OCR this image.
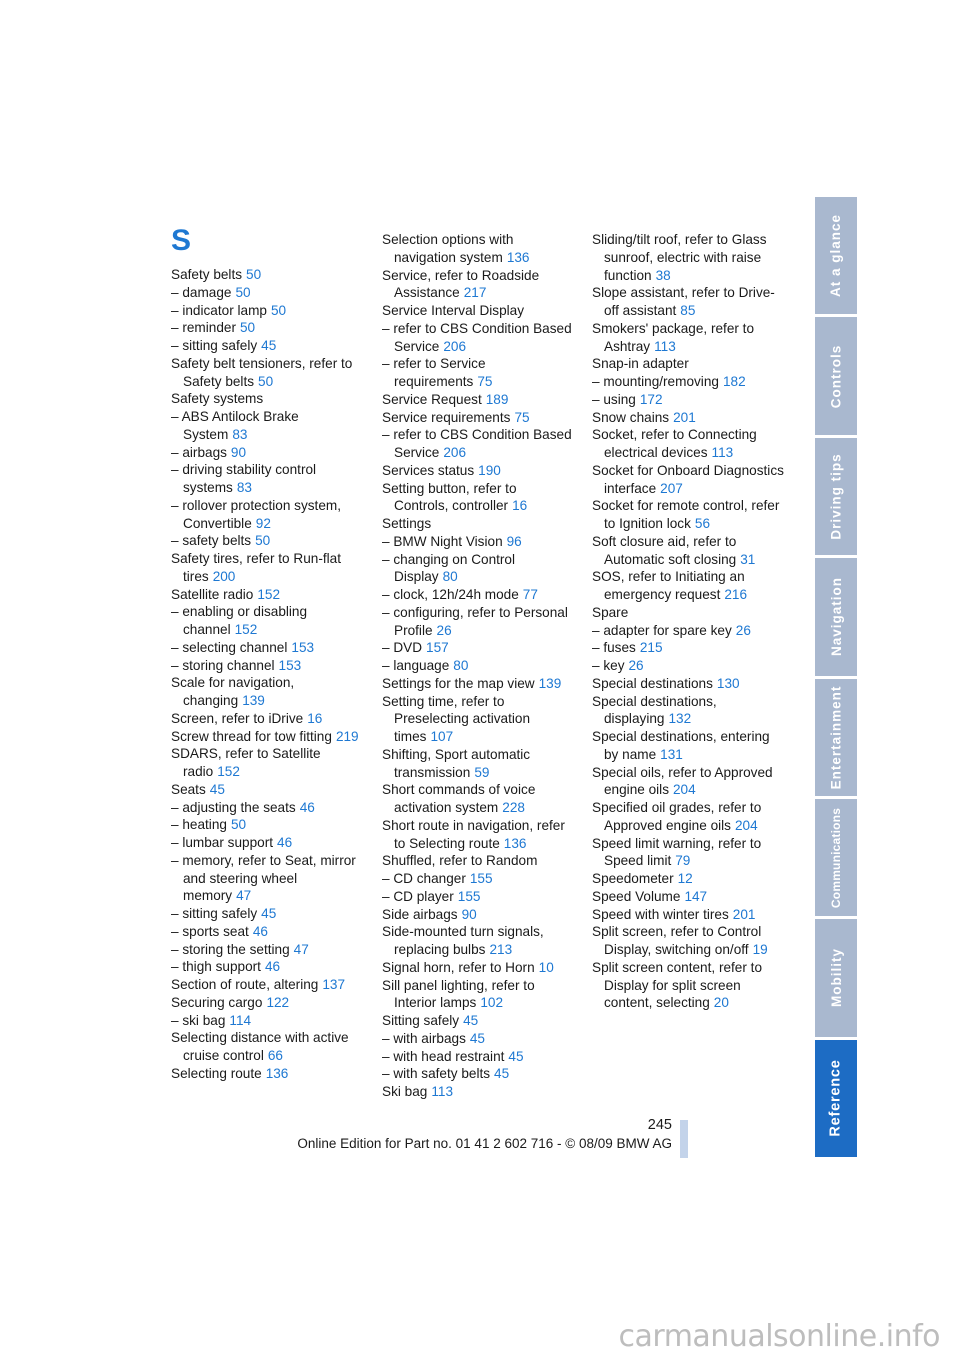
S
Safety belts 50
– damage 50
– indicator lamp 50
– reminder 50
– sitting safely 45
Safety belt tensioners, refer to Safety belts 50
Safety systems
– ABS Antilock Brake System 83
– airbags 90
– driving stability control systems 83
– rollover protection system, Convertible 92
– safety belts 50
Safety tires, refer to Run-flat tires 200
Satellite radio 152
– enabling or disabling channel 152
– selecting channel 153
– storing channel 153
Scale for navigation, changing 139
Screen, refer to iDrive 16
Screw thread for tow fitting 219
SDARS, refer to Satellite radio 152
Seats 45
– adjusting the seats 46
– heating 50
– lumbar support 46
– memory, refer to Seat, mirror and steering wheel memory 47
– sitting safely 45
– sports seat 46
– storing the setting 47
– thigh support 46
Section of route, altering 137
Securing cargo 122
– ski bag 114
Selecting distance with active cruise control 66
Selecting route 136
Selection options with navigation system 136
Service, refer to Roadside Assistance 217
Service Interval Display
– refer to CBS Condition Based Service 206
– refer to Service requirements 75
Service Request 189
Service requirements 75
– refer to CBS Condition Based Service 206
Services status 190
Setting button, refer to Controls, controller 16
Settings
– BMW Night Vision 96
– changing on Control Display 80
– clock, 12h/24h mode 77
– configuring, refer to Personal Profile 26
– DVD 157
– language 80
Settings for the map view 139
Setting time, refer to Preselecting activation times 107
Shifting, Sport automatic transmission 59
Short commands of voice activation system 228
Short route in navigation, refer to Selecting route 136
Shuffled, refer to Random
– CD changer 155
– CD player 155
Side airbags 90
Side-mounted turn signals, replacing bulbs 213
Signal horn, refer to Horn 10
Sill panel lighting, refer to Interior lamps 102
Sitting safely 45
– with airbags 45
– with head restraint 45
– with safety belts 45
Ski bag 113
Sliding/tilt roof, refer to Glass sunroof, electric with raise function 38
Slope assistant, refer to Drive-off assistant 85
Smokers' package, refer to Ashtray 113
Snap-in adapter
– mounting/removing 182
– using 172
Snow chains 201
Socket, refer to Connecting electrical devices 113
Socket for Onboard Diagnostics interface 207
Socket for remote control, refer to Ignition lock 56
Soft closure aid, refer to Automatic soft closing 31
SOS, refer to Initiating an emergency request 216
Spare
– adapter for spare key 26
– fuses 215
– key 26
Special destinations 130
Special destinations, displaying 132
Special destinations, entering by name 131
Special oils, refer to Approved engine oils 204
Specified oil grades, refer to Approved engine oils 204
Speed limit warning, refer to Speed limit 79
Speedometer 12
Speed Volume 147
Speed with winter tires 201
Split screen, refer to Control Display, switching on/off 19
Split screen content, refer to Display for split screen content, selecting 20
At a glance
Controls
Driving tips
Navigation
Entertainment
Communications
Mobility
Reference
245
Online Edition for Part no. 01 41 2 602 716 - © 08/09 BMW AG
carmanualsonline.info
